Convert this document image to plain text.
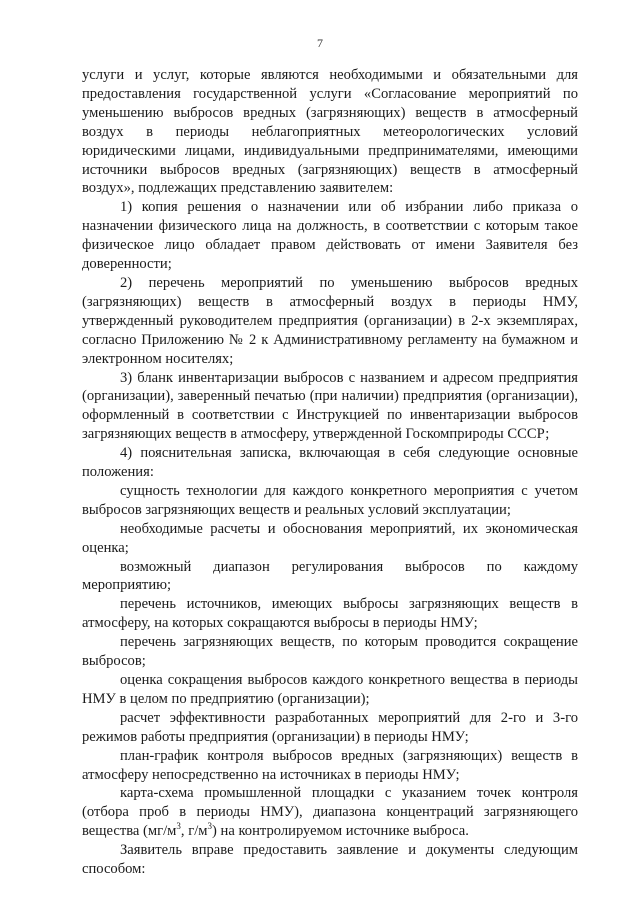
7

услуги и услуг, которые являются необходимыми и обязательными для предоставления государственной услуги «Согласование мероприятий по уменьшению выбросов вредных (загрязняющих) веществ в атмосферный воздух в периоды неблагоприятных метеорологических условий юридическими лицами, индивидуальными предпринимателями, имеющими источники выбросов вредных (загрязняющих) веществ в атмосферный воздух», подлежащих представлению заявителем:

1) копия решения о назначении или об избрании либо приказа о назначении физического лица на должность, в соответствии с которым такое физическое лицо обладает правом действовать от имени Заявителя без доверенности;

2) перечень мероприятий по уменьшению выбросов вредных (загрязняющих) веществ в атмосферный воздух в периоды НМУ, утвержденный руководителем предприятия (организации) в 2-х экземплярах, согласно Приложению № 2 к Административному регламенту на бумажном и электронном носителях;

3) бланк инвентаризации выбросов с названием и адресом предприятия (организации), заверенный печатью (при наличии) предприятия (организации), оформленный в соответствии с Инструкцией по инвентаризации выбросов загрязняющих веществ в атмосферу, утвержденной Госкомприроды СССР;

4) пояснительная записка, включающая в себя следующие основные положения:

сущность технологии для каждого конкретного мероприятия с учетом выбросов загрязняющих веществ и реальных условий эксплуатации;

необходимые расчеты и обоснования мероприятий, их экономическая оценка;

возможный диапазон регулирования выбросов по каждому мероприятию;

перечень источников, имеющих выбросы загрязняющих веществ в атмосферу, на которых сокращаются выбросы в периоды НМУ;

перечень загрязняющих веществ, по которым проводится сокращение выбросов;

оценка сокращения выбросов каждого конкретного вещества в периоды НМУ в целом по предприятию (организации);

расчет эффективности разработанных мероприятий для 2-го и 3-го режимов работы предприятия (организации) в периоды НМУ;

план-график контроля выбросов вредных (загрязняющих) веществ в атмосферу непосредственно на источниках в периоды НМУ;

карта-схема промышленной площадки с указанием точек контроля (отбора проб в периоды НМУ), диапазона концентраций загрязняющего вещества ($мг/м^3$, $г/м^3$) на контролируемом источнике выброса.

Заявитель вправе предоставить заявление и документы следующим способом:
